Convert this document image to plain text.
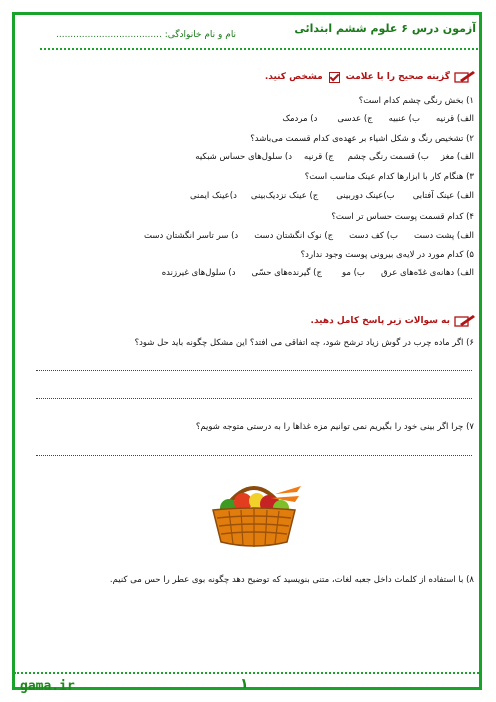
آزمون درس ۶ علوم ششم ابتدائی
نام و نام خانوادگی: .....................................
گزینه صحیح را با علامت
مشخص کنید.
۱) بخش رنگی چشم کدام است؟
الف) قرنیه
ب) عنبیه
ج) عدسی
د) مردمک
۲) تشخیص رنگ و شکل اشیاء بر عهده‌ی کدام قسمت می‌باشد؟
الف) مغز
ب) قسمت رنگی چشم
ج) قرنیه
د) سلول‌های حساس شبکیه
۳) هنگام کار با ابزارها کدام عینک مناسب است؟
الف) عینک آفتابی
ب)عینک دوربینی
ج) عینک نزدیک‌بینی
د)عینک ایمنی
۴) کدام قسمت پوست حساس تر است؟
الف) پشت دست
ب) کف دست
ج) نوک انگشتان دست
د) سر تاسر انگشتان دست
۵) کدام مورد در لایه‌ی بیرونی پوست وجود ندارد؟
الف) دهانه‌ی غدّه‌های عرق
ب) مو
ج) گیرنده‌های حسّی
د) سلول‌های غیرزنده
به سوالات زیر پاسخ کامل دهید.
۶) اگر ماده چرب در گوش زیاد ترشح شود، چه اتفاقی می افتد؟ این مشکل چگونه باید حل شود؟
۷) چرا اگر بینی خود را بگیریم نمی توانیم مزه غذاها را به درستی متوجه شویم؟
۸) با استفاده از کلمات داخل جعبه لغات، متنی بنویسید که توضیح دهد چگونه بوی عطر را حس می کنیم.
gama.ir	۱
